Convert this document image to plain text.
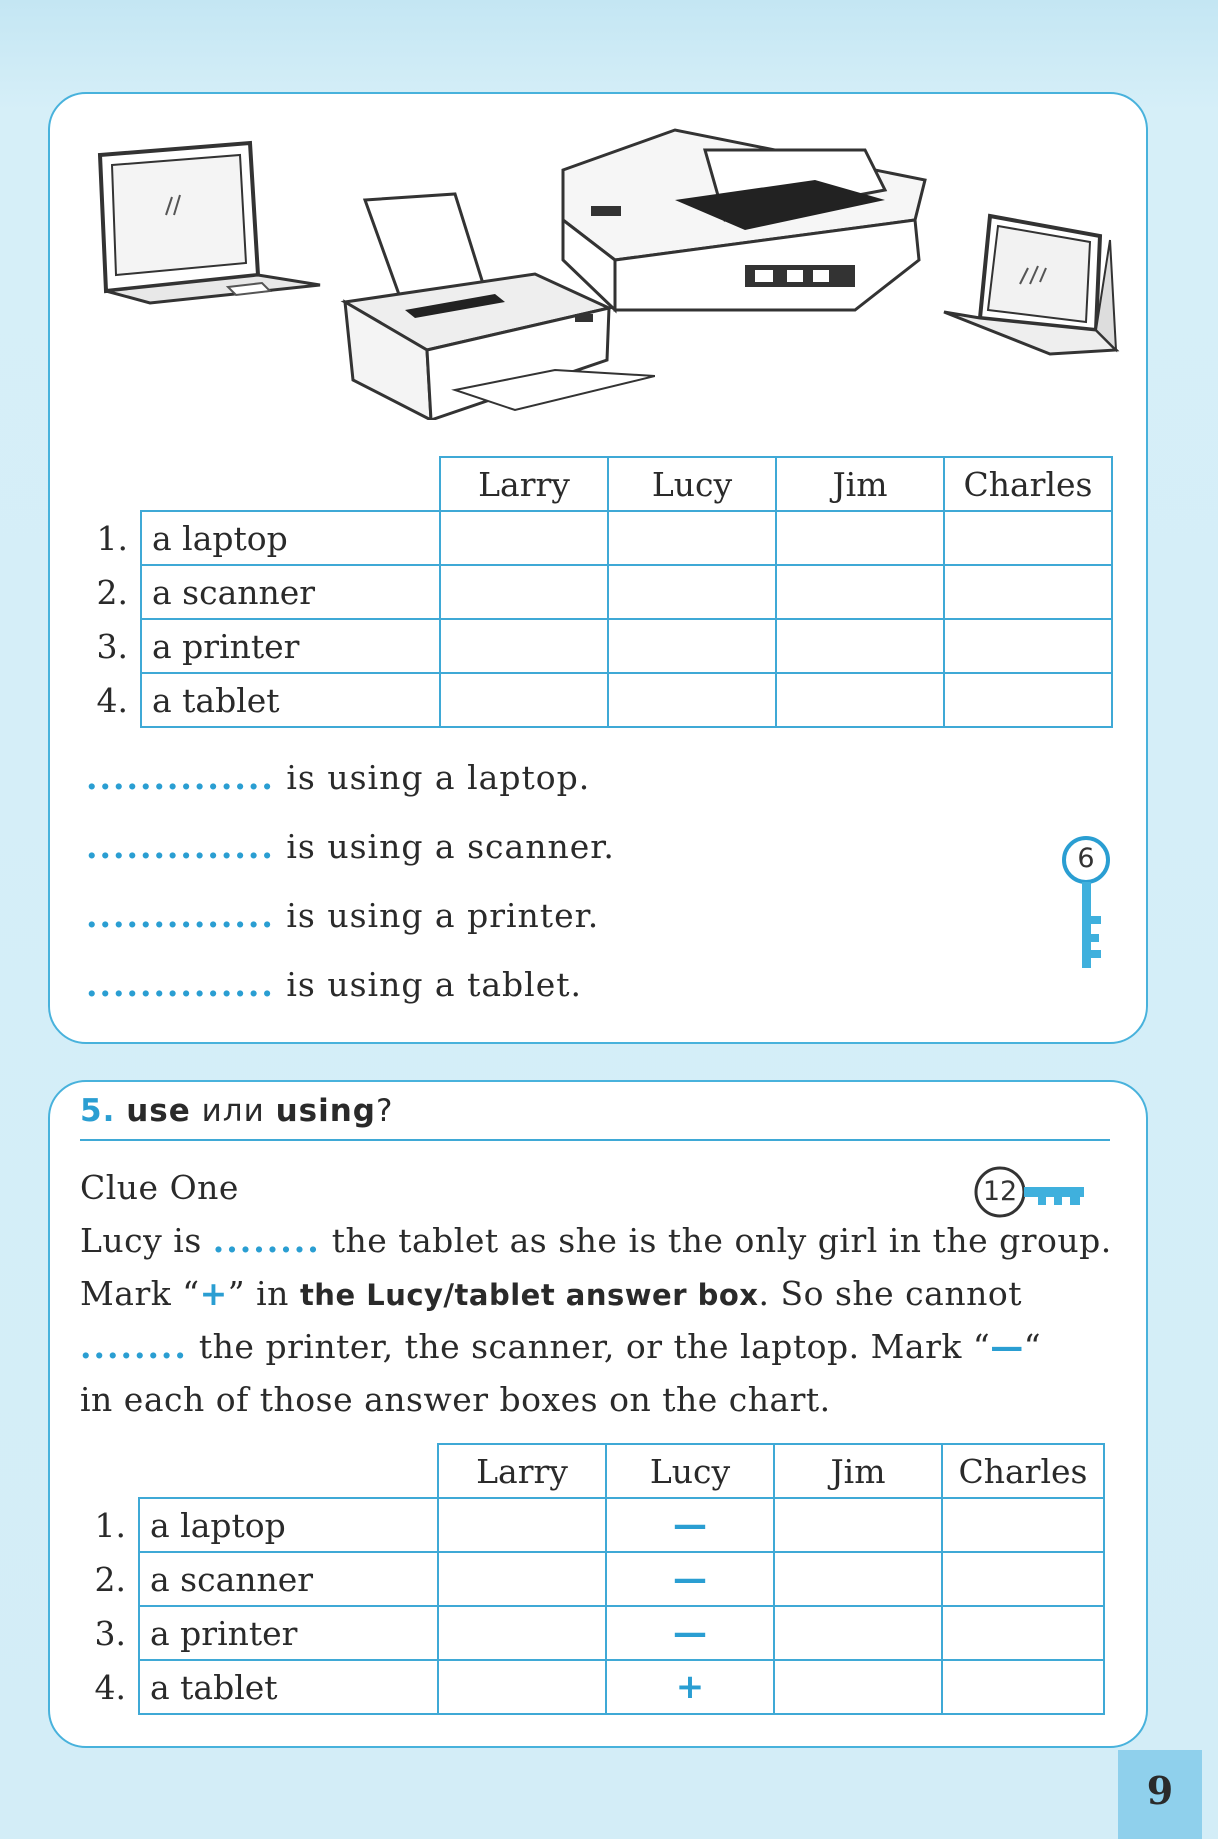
		Larry	Lucy	Jim	Charles
1.	a laptop				
2.	a scanner				
3.	a printer				
4.	a tablet				
.............. is using a laptop.
.............. is using a scanner.
.............. is using a printer.
.............. is using a tablet.
6
5. use или using?
Clue One	12
Lucy is ........ the tablet as she is the only girl in the group.
Mark “+” in the Lucy/tablet answer box. So she cannot
........ the printer, the scanner, or the laptop. Mark “—“
in each of those answer boxes on the chart.
		Larry	Lucy	Jim	Charles
1.	a laptop		—		
2.	a scanner		—		
3.	a printer		—		
4.	a tablet		+		
9
